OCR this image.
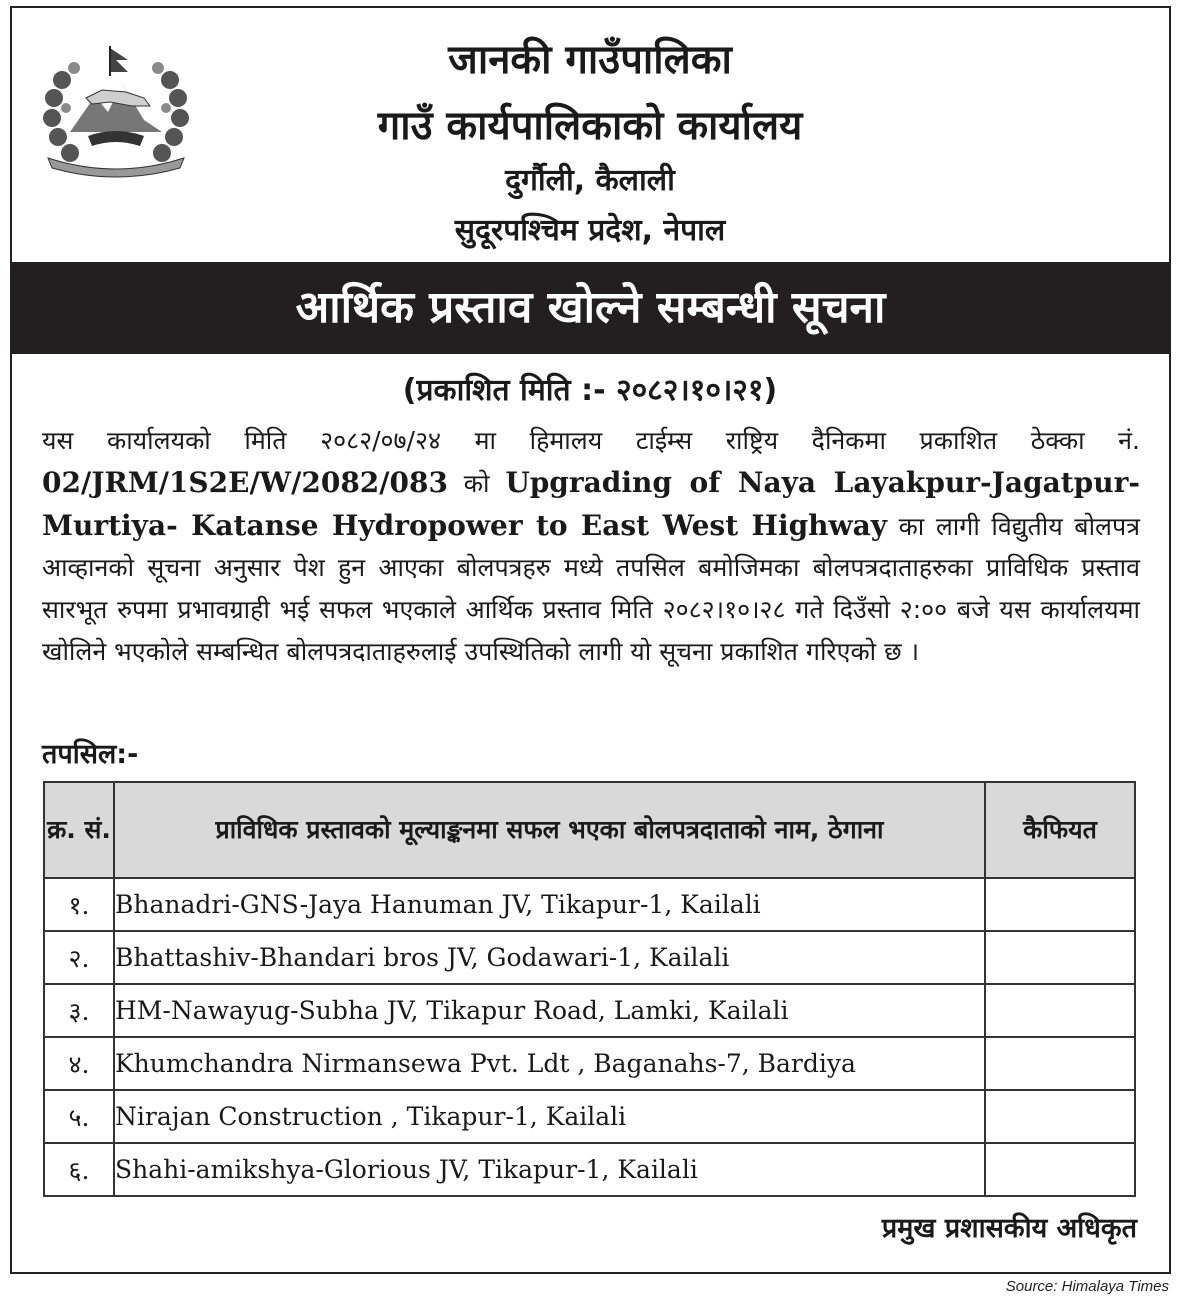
जानकी गाउँपालिका
गाउँ कार्यपालिकाको कार्यालय
दुर्गौली, कैलाली
सुदूरपश्चिम प्रदेश, नेपाल
आर्थिक प्रस्ताव खोल्ने सम्बन्धी सूचना
(प्रकाशित मिति :- २०८२।१०।२१)
यस कार्यालयको मिति २०८२/०७/२४ मा हिमालय टाईम्स राष्ट्रिय दैनिकमा प्रकाशित ठेक्का नं. 02/JRM/1S2E/W/2082/083 को Upgrading of Naya Layakpur-Jagatpur-Murtiya- Katanse Hydropower to East West Highway का लागी विद्युतीय बोलपत्र आव्हानको सूचना अनुसार पेश हुन आएका बोलपत्रहरु मध्ये तपसिल बमोजिमका बोलपत्रदाताहरुका प्राविधिक प्रस्ताव सारभूत रुपमा प्रभावग्राही भई सफल भएकाले आर्थिक प्रस्ताव मिति २०८२।१०।२८ गते दिउँसो २:०० बजे यस कार्यालयमा खोलिने भएकोले सम्बन्धित बोलपत्रदाताहरुलाई उपस्थितिको लागी यो सूचना प्रकाशित गरिएको छ ।
तपसिल:-
क्र. सं.	प्राविधिक प्रस्तावको मूल्याङ्कनमा सफल भएका बोलपत्रदाताको नाम, ठेगाना	कैफियत
१.	Bhanadri-GNS-Jaya Hanuman JV, Tikapur-1, Kailali	
२.	Bhattashiv-Bhandari bros JV, Godawari-1, Kailali	
३.	HM-Nawayug-Subha JV, Tikapur Road, Lamki, Kailali	
४.	Khumchandra Nirmansewa Pvt. Ldt , Baganahs-7, Bardiya	
५.	Nirajan Construction , Tikapur-1, Kailali	
६.	Shahi-amikshya-Glorious JV, Tikapur-1, Kailali	
प्रमुख प्रशासकीय अधिकृत
Source: Himalaya Times
